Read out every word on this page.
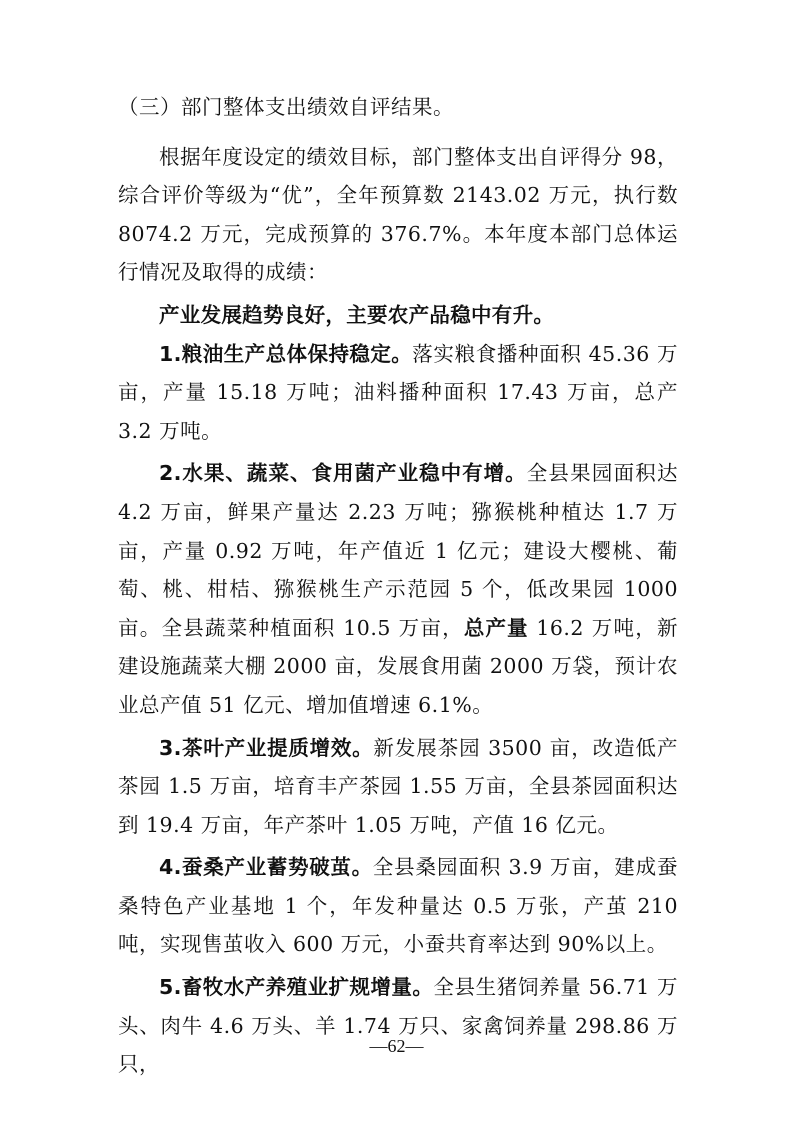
（三）部门整体支出绩效自评结果。

根据年度设定的绩效目标，部门整体支出自评得分 98，综合评价等级为“优”，全年预算数 2143.02 万元，执行数 8074.2 万元，完成预算的 376.7%。本年度本部门总体运行情况及取得的成绩：

产业发展趋势良好，主要农产品稳中有升。

1.粮油生产总体保持稳定。落实粮食播种面积 45.36 万亩，产量 15.18 万吨；油料播种面积 17.43 万亩，总产 3.2 万吨。

2.水果、蔬菜、食用菌产业稳中有增。全县果园面积达 4.2 万亩，鲜果产量达 2.23 万吨；猕猴桃种植达 1.7 万亩，产量 0.92 万吨，年产值近 1 亿元；建设大樱桃、葡萄、桃、柑桔、猕猴桃生产示范园 5 个，低改果园 1000 亩。全县蔬菜种植面积 10.5 万亩，总产量 16.2 万吨，新建设施蔬菜大棚 2000 亩，发展食用菌 2000 万袋，预计农业总产值 51 亿元、增加值增速 6.1%。

3.茶叶产业提质增效。新发展茶园 3500 亩，改造低产茶园 1.5 万亩，培育丰产茶园 1.55 万亩，全县茶园面积达到 19.4 万亩，年产茶叶 1.05 万吨，产值 16 亿元。

4.蚕桑产业蓄势破茧。全县桑园面积 3.9 万亩，建成蚕桑特色产业基地 1 个，年发种量达 0.5 万张，产茧 210 吨，实现售茧收入 600 万元，小蚕共育率达到 90%以上。

5.畜牧水产养殖业扩规增量。全县生猪饲养量 56.71 万头、肉牛 4.6 万头、羊 1.74 万只、家禽饲养量 298.86 万只，

—62—
